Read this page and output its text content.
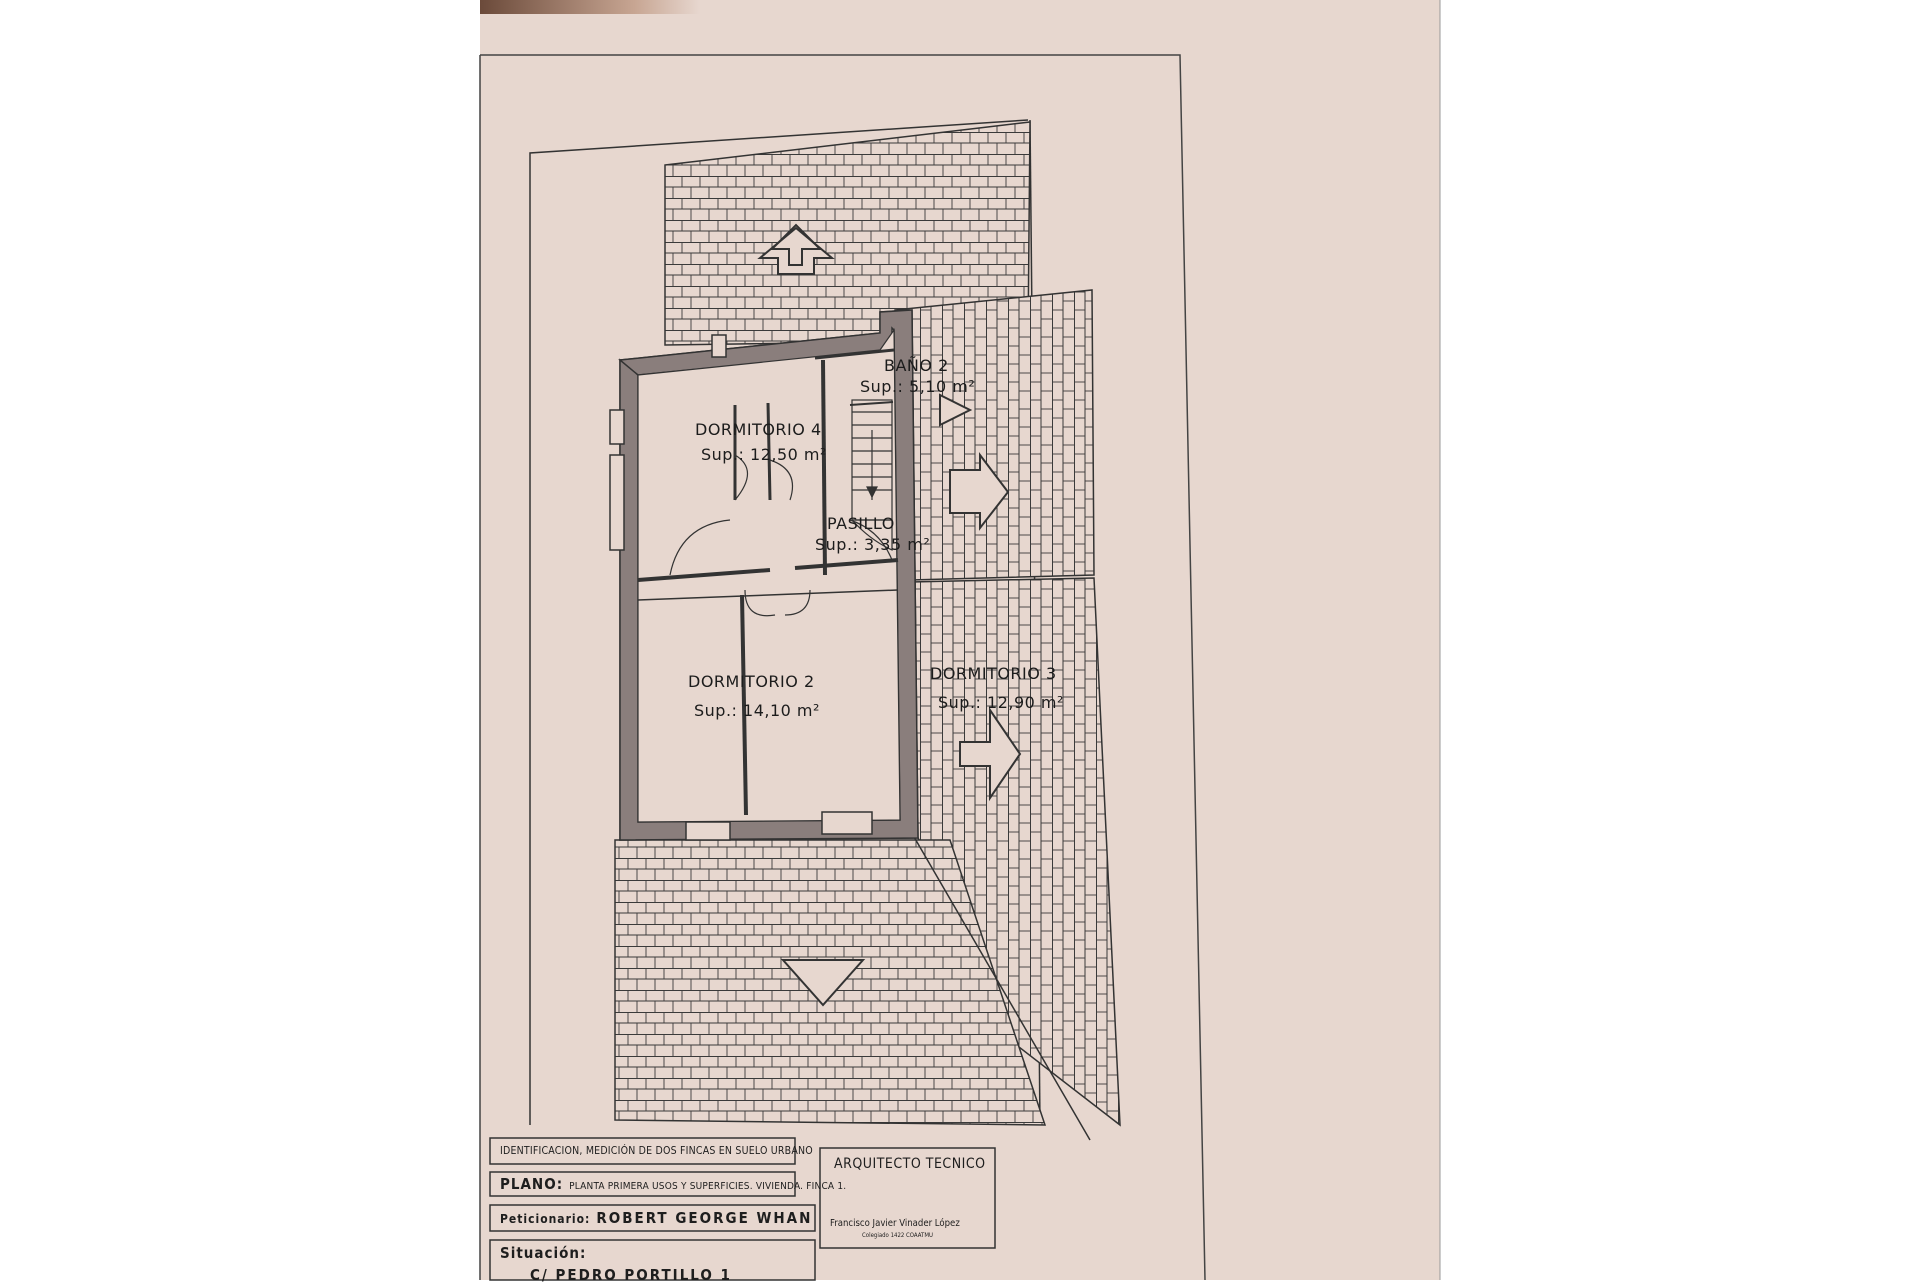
DORMITORIO 4
Sup.: 12,50 m²
BAÑO 2
Sup.: 5,10 m²
PASILLO
Sup.: 3,35 m²
DORMITORIO 2
Sup.: 14,10 m²
DORMITORIO 3
Sup.: 12,90 m²
IDENTIFICACION, MEDICIÓN DE DOS FINCAS EN SUELO URBANO
PLANO: PLANTA PRIMERA USOS Y SUPERFICIES. VIVIENDA. FINCA 1.
Peticionario: ROBERT GEORGE WHAN
Situación:
C/ PEDRO PORTILLO 1
ARQUITECTO TECNICO
Francisco Javier Vinader López
Colegiado 1422 COAATMU
